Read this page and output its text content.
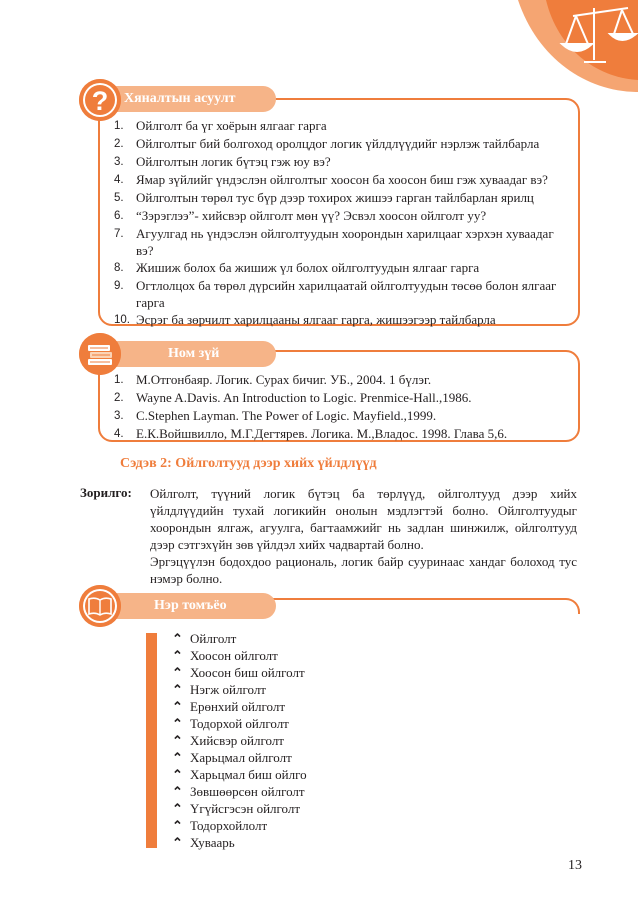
Хяналтын асуулт
?
1. Ойлголт ба үг хоёрын ялгааг гарга
2. Ойлголтыг бий болгоход оролцдог логик үйлдлүүдийг нэрлэж тайлбарла
3. Ойлголтын логик бүтэц гэж юу вэ?
4. Ямар зүйлийг үндэслэн ойлголтыг хоосон ба хоосон биш гэж хуваадаг вэ?
5. Ойлголтын төрөл тус бүр дээр тохирох жишээ гарган тайлбарлан ярилц
6. “Зэрэглээ”- хийсвэр ойлголт мөн үү? Эсвэл хоосон ойлголт уу?
7. Агуулгад нь үндэслэн ойлголтуудын хоорондын харилцааг хэрхэн хуваадаг вэ?
8. Жишиж болох ба жишиж үл болох ойлголтуудын ялгааг гарга
9. Огтлолцох ба төрөл дүрсийн харилцаатай ойлголтуудын төсөө болон ялгааг гарга
10. Эсрэг ба зөрчилт харилцааны ялгааг гарга, жишээгээр тайлбарла
Ном зүй
1. М.Отгонбаяр. Логик. Сурах бичиг. УБ., 2004. 1 бүлэг.
2. Wayne A.Davis. An Introduction to Logic. Prenmice-Hall.,1986.
3. C.Stephen Layman. The Power of Logic. Mayfield.,1999.
4. Е.К.Войшвилло, М.Г.Дегтярев. Логика. М.,Владос. 1998. Глава 5,6.
Сэдэв 2: Ойлголтууд дээр хийх үйлдлүүд
Зорилго: Ойлголт, түүний логик бүтэц ба төрлүүд, ойлголтууд дээр хийх үйлдлүүдийн тухай логикийн онолын мэдлэгтэй болно. Ойлголтуудыг хоорондын ялгаж, агуулга, багтаамжийг нь задлан шинжилж, ойлголтууд дээр сэтгэхүйн зөв үйлдэл хийх чадвартай болно.

Эргэцүүлэн бодохдоо рациональ, логик байр сууринаас хандаг болоход тус нэмэр болно.

Нэр томъёо
⌃ Ойлголт
⌃ Хоосон ойлголт
⌃ Хоосон биш ойлголт
⌃ Нэгж ойлголт
⌃ Ерөнхий ойлголт
⌃ Тодорхой ойлголт
⌃ Хийсвэр ойлголт
⌃ Харьцмал ойлголт
⌃ Харьцмал биш ойлго
⌃ Зөвшөөрсөн ойлголт
⌃ Үгүйсгэсэн ойлголт
⌃ Тодорхойлолт
⌃ Хуваарь
13
